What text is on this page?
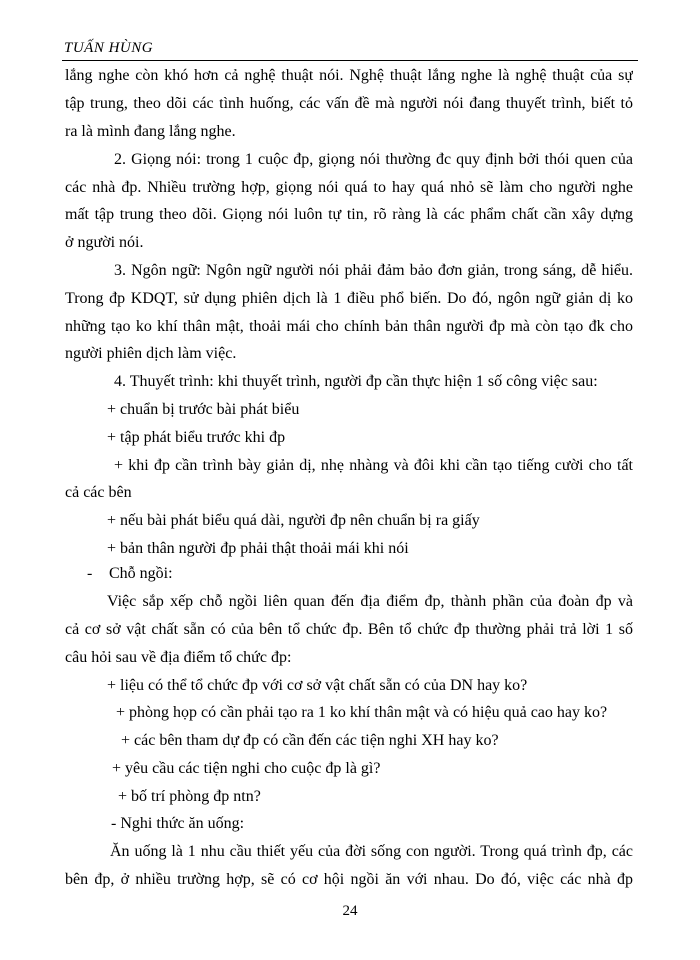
TUẤN HÙNG
lắng nghe còn khó hơn cả nghệ thuật nói. Nghệ thuật lắng nghe là nghệ thuật của sự
tập trung, theo dõi các tình huống, các vấn đề mà người nói đang thuyết trình, biết tỏ
ra là mình đang lắng nghe.
2. Giọng nói: trong 1 cuộc đp, giọng nói thường đc quy định bởi thói quen của
các nhà đp. Nhiều trường hợp, giọng nói quá to hay quá nhỏ sẽ làm cho người nghe
mất tập trung theo dõi. Giọng nói luôn tự tin, rõ ràng là các phẩm chất cần xây dựng
ở người nói.
3. Ngôn ngữ: Ngôn ngữ người nói phải đảm bảo đơn giản, trong sáng, dễ hiểu.
Trong đp KDQT, sử dụng phiên dịch là 1 điều phổ biến. Do đó, ngôn ngữ giản dị ko
những tạo ko khí thân mật, thoải mái cho chính bản thân người đp mà còn tạo đk cho
người phiên dịch làm việc.
4. Thuyết trình: khi thuyết trình, người đp cần thực hiện 1 số công việc sau:
+ chuẩn bị trước bài phát biểu
+ tập phát biểu trước khi đp
+ khi đp cần trình bày giản dị, nhẹ nhàng và đôi khi cần tạo tiếng cười cho tất
cả các bên
+ nếu bài phát biểu quá dài, người đp nên chuẩn bị ra giấy
+ bản thân người đp phải thật thoải mái khi nói
- Chỗ ngồi:
Việc sắp xếp chỗ ngồi liên quan đến địa điểm đp, thành phần của đoàn đp và
cả cơ sở vật chất sẵn có của bên tổ chức đp. Bên tổ chức đp thường phải trả lời 1 số
câu hỏi sau về địa điểm tổ chức đp:
+ liệu có thể tổ chức đp với cơ sở vật chất sẵn có của DN hay ko?
+ phòng họp có cần phải tạo ra 1 ko khí thân mật và có hiệu quả cao hay ko?
+ các bên tham dự đp có cần đến các tiện nghi XH hay ko?
+ yêu cầu các tiện nghi cho cuộc đp là gì?
+ bố trí phòng đp ntn?
- Nghi thức ăn uống:
Ăn uống là 1 nhu cầu thiết yếu của đời sống con người. Trong quá trình đp, các
bên đp, ở nhiều trường hợp, sẽ có cơ hội ngồi ăn với nhau. Do đó, việc các nhà đp
24
